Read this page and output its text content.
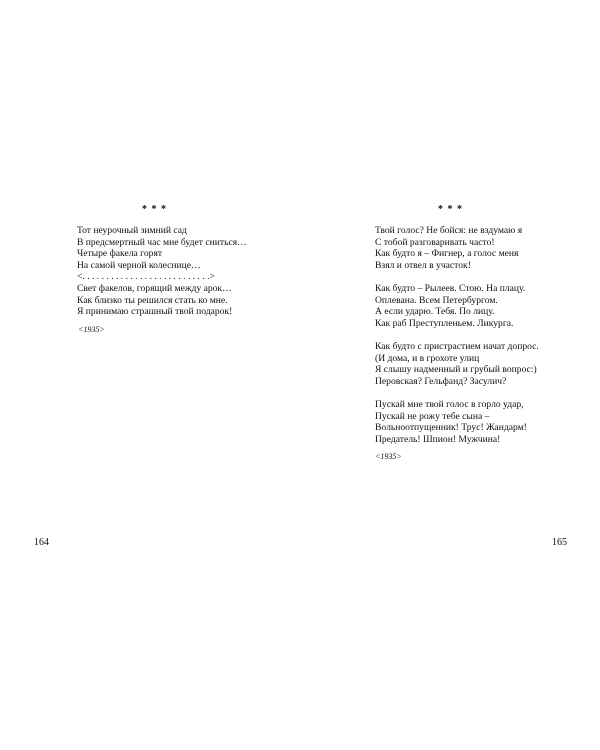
* * *
Тот неурочный зимний сад
В предсмертный час мне будет сниться…
Четыре факела горят
На самой черной колеснице…
<. . . . . . . . . . . . . . . . . . . . . . . . . . .>
Свет факелов, горящий между арок…
Как близко ты решился стать ко мне.
Я принимаю страшный твой подарок!
<1935>
164
* * *
Твой голос? Не бойся: не вздумаю я
С тобой разговаривать часто!
Как будто я – Фигнер, а голос меня
Взял и отвел в участок!
Как будто – Рылеев. Стою. На плацу.
Оплевана. Всем Петербургом.
А если ударю. Тебя. По лицу.
Как раб Преступленьем. Ликурга.
Как будто с пристрастием начат допрос.
(И дома, и в грохоте улиц
Я слышу надменный и грубый вопрос:)
Перовская? Гельфанд? Засулич?
Пускай мне твой голос в горло удар,
Пускай не рожу тебе сына –
Вольноотпущенник! Трус! Жандарм!
Предатель! Шпион! Мужчина!
<1935>
165
